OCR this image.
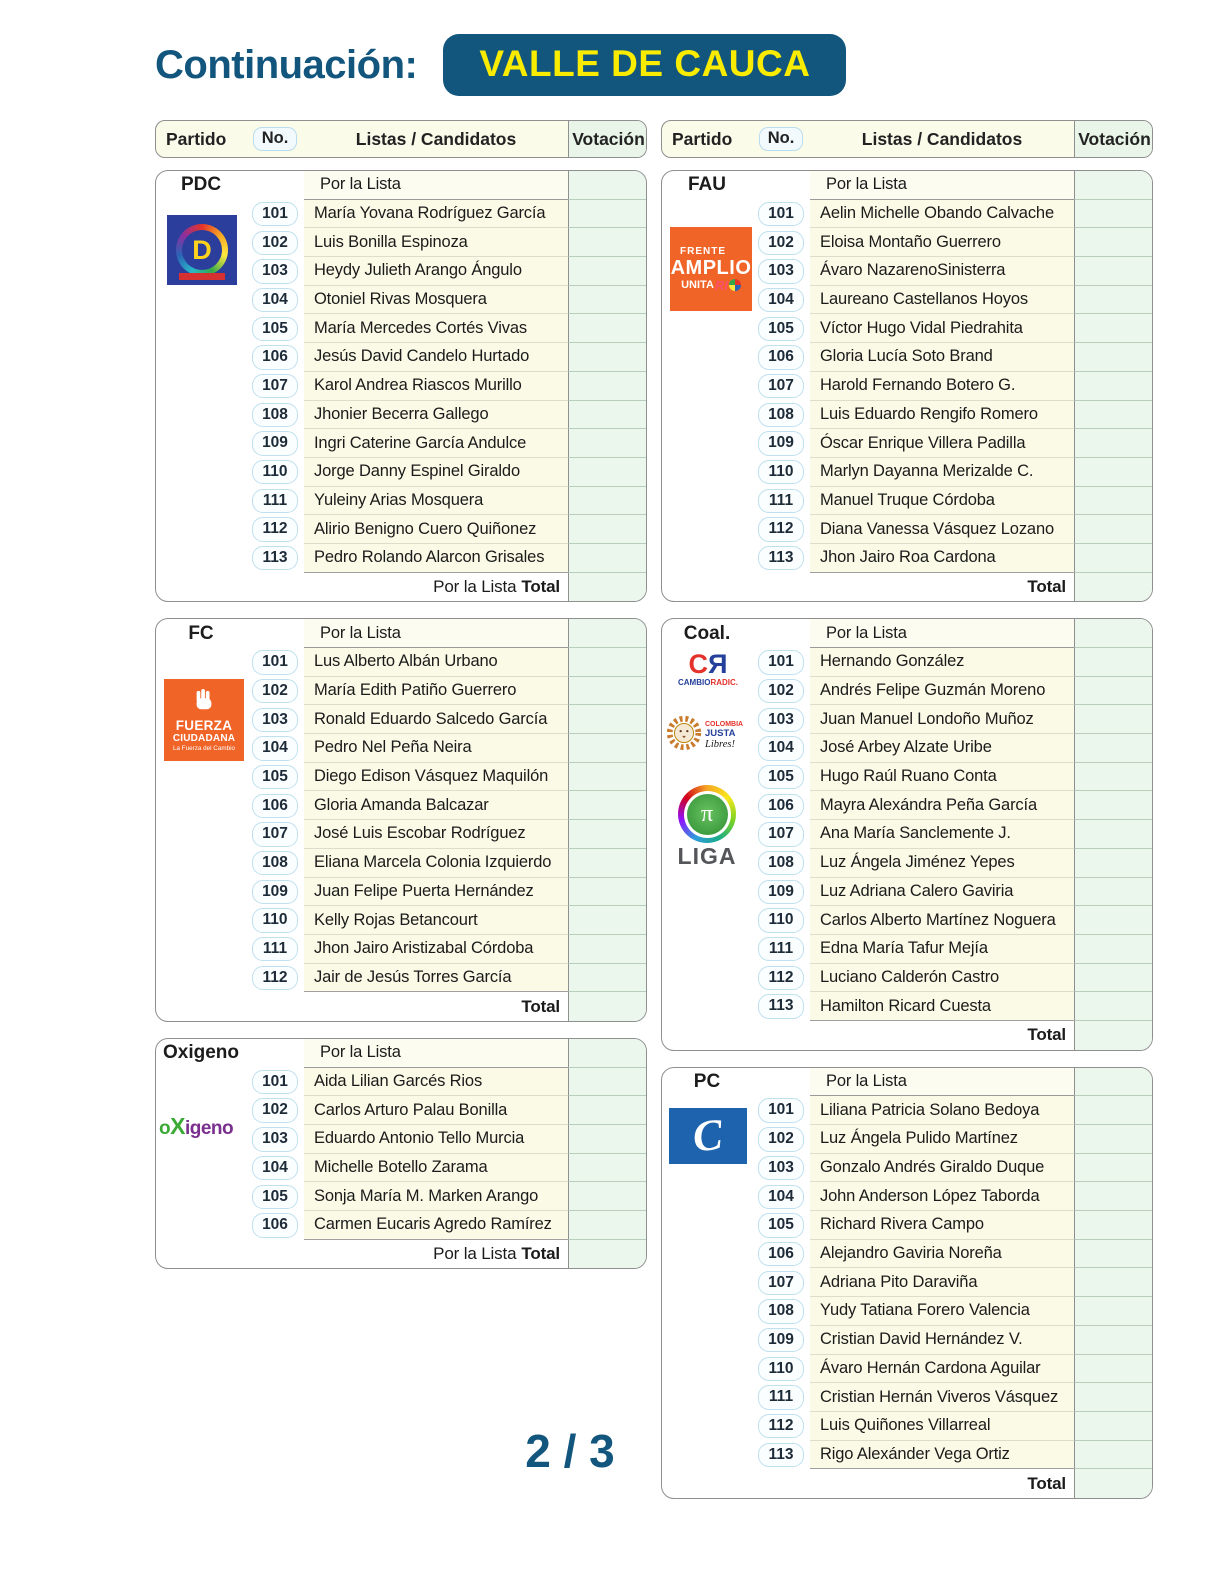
Continuación:	VALLE DE CAUCA
Partido	No.	Listas / Candidatos	Votación
PDC	Por la Lista
101	María Yovana Rodríguez García
102	Luis Bonilla Espinoza
103	Heydy Julieth Arango Ángulo
104	Otoniel Rivas Mosquera
105	María Mercedes Cortés Vivas
106	Jesús David Candelo Hurtado
107	Karol Andrea Riascos Murillo
108	Jhonier Becerra Gallego
109	Ingri Caterine García Andulce
110	Jorge Danny Espinel Giraldo
111	Yuleiny Arias Mosquera
112	Alirio Benigno Cuero Quiñonez
113	Pedro Rolando Alarcon Grisales
Por la Lista Total
D
FC	Por la Lista
101	Lus Alberto Albán Urbano
102	María Edith Patiño Guerrero
103	Ronald Eduardo Salcedo García
104	Pedro Nel Peña Neira
105	Diego Edison Vásquez Maquilón
106	Gloria Amanda Balcazar
107	José Luis Escobar Rodríguez
108	Eliana Marcela Colonia Izquierdo
109	Juan Felipe Puerta Hernández
110	Kelly Rojas Betancourt
111	Jhon Jairo Aristizabal Córdoba
112	Jair de Jesús Torres García
Total
FUERZA
CIUDADANA
La Fuerza del Cambio
Oxigeno	Por la Lista
101	Aida Lilian Garcés Rios
102	Carlos Arturo Palau Bonilla
103	Eduardo Antonio Tello Murcia
104	Michelle Botello Zarama
105	Sonja María M. Marken Arango
106	Carmen Eucaris Agredo Ramírez
Por la Lista Total
oXigeno
Partido	No.	Listas / Candidatos	Votación
FAU	Por la Lista
101	Aelin Michelle Obando Calvache
102	Eloisa Montaño Guerrero
103	Ávaro NazarenoSinisterra
104	Laureano Castellanos Hoyos
105	Víctor Hugo Vidal Piedrahita
106	Gloria Lucía Soto Brand
107	Harold Fernando Botero G.
108	Luis Eduardo Rengifo Romero
109	Óscar Enrique Villera Padilla
110	Marlyn Dayanna Merizalde C.
111	Manuel Truque Córdoba
112	Diana Vanessa Vásquez Lozano
113	Jhon Jairo Roa Cardona
Total
FRENTE
AMPLIO
UNITA RI
Coal.	Por la Lista
101	Hernando González
102	Andrés Felipe Guzmán Moreno
103	Juan Manuel Londoño Muñoz
104	José Arbey Alzate Uribe
105	Hugo Raúl Ruano Conta
106	Mayra Alexándra Peña García
107	Ana María Sanclemente J.
108	Luz Ángela Jiménez Yepes
109	Luz Adriana Calero Gaviria
110	Carlos Alberto Martínez Noguera
111	Edna María Tafur Mejía
112	Luciano Calderón Castro
113	Hamilton Ricard Cuesta
Total
CR
CAMBIORADIC.
COLOMBIA
JUSTA
Libres!
π
LIGA
PC	Por la Lista
101	Liliana Patricia Solano Bedoya
102	Luz Ángela Pulido Martínez
103	Gonzalo Andrés Giraldo Duque
104	John Anderson López Taborda
105	Richard Rivera Campo
106	Alejandro Gaviria Noreña
107	Adriana Pito Daraviña
108	Yudy Tatiana Forero Valencia
109	Cristian David Hernández V.
110	Ávaro Hernán Cardona Aguilar
111	Cristian Hernán Viveros Vásquez
112	Luis Quiñones Villarreal
113	Rigo Alexánder Vega Ortiz
Total
C
2 / 3
